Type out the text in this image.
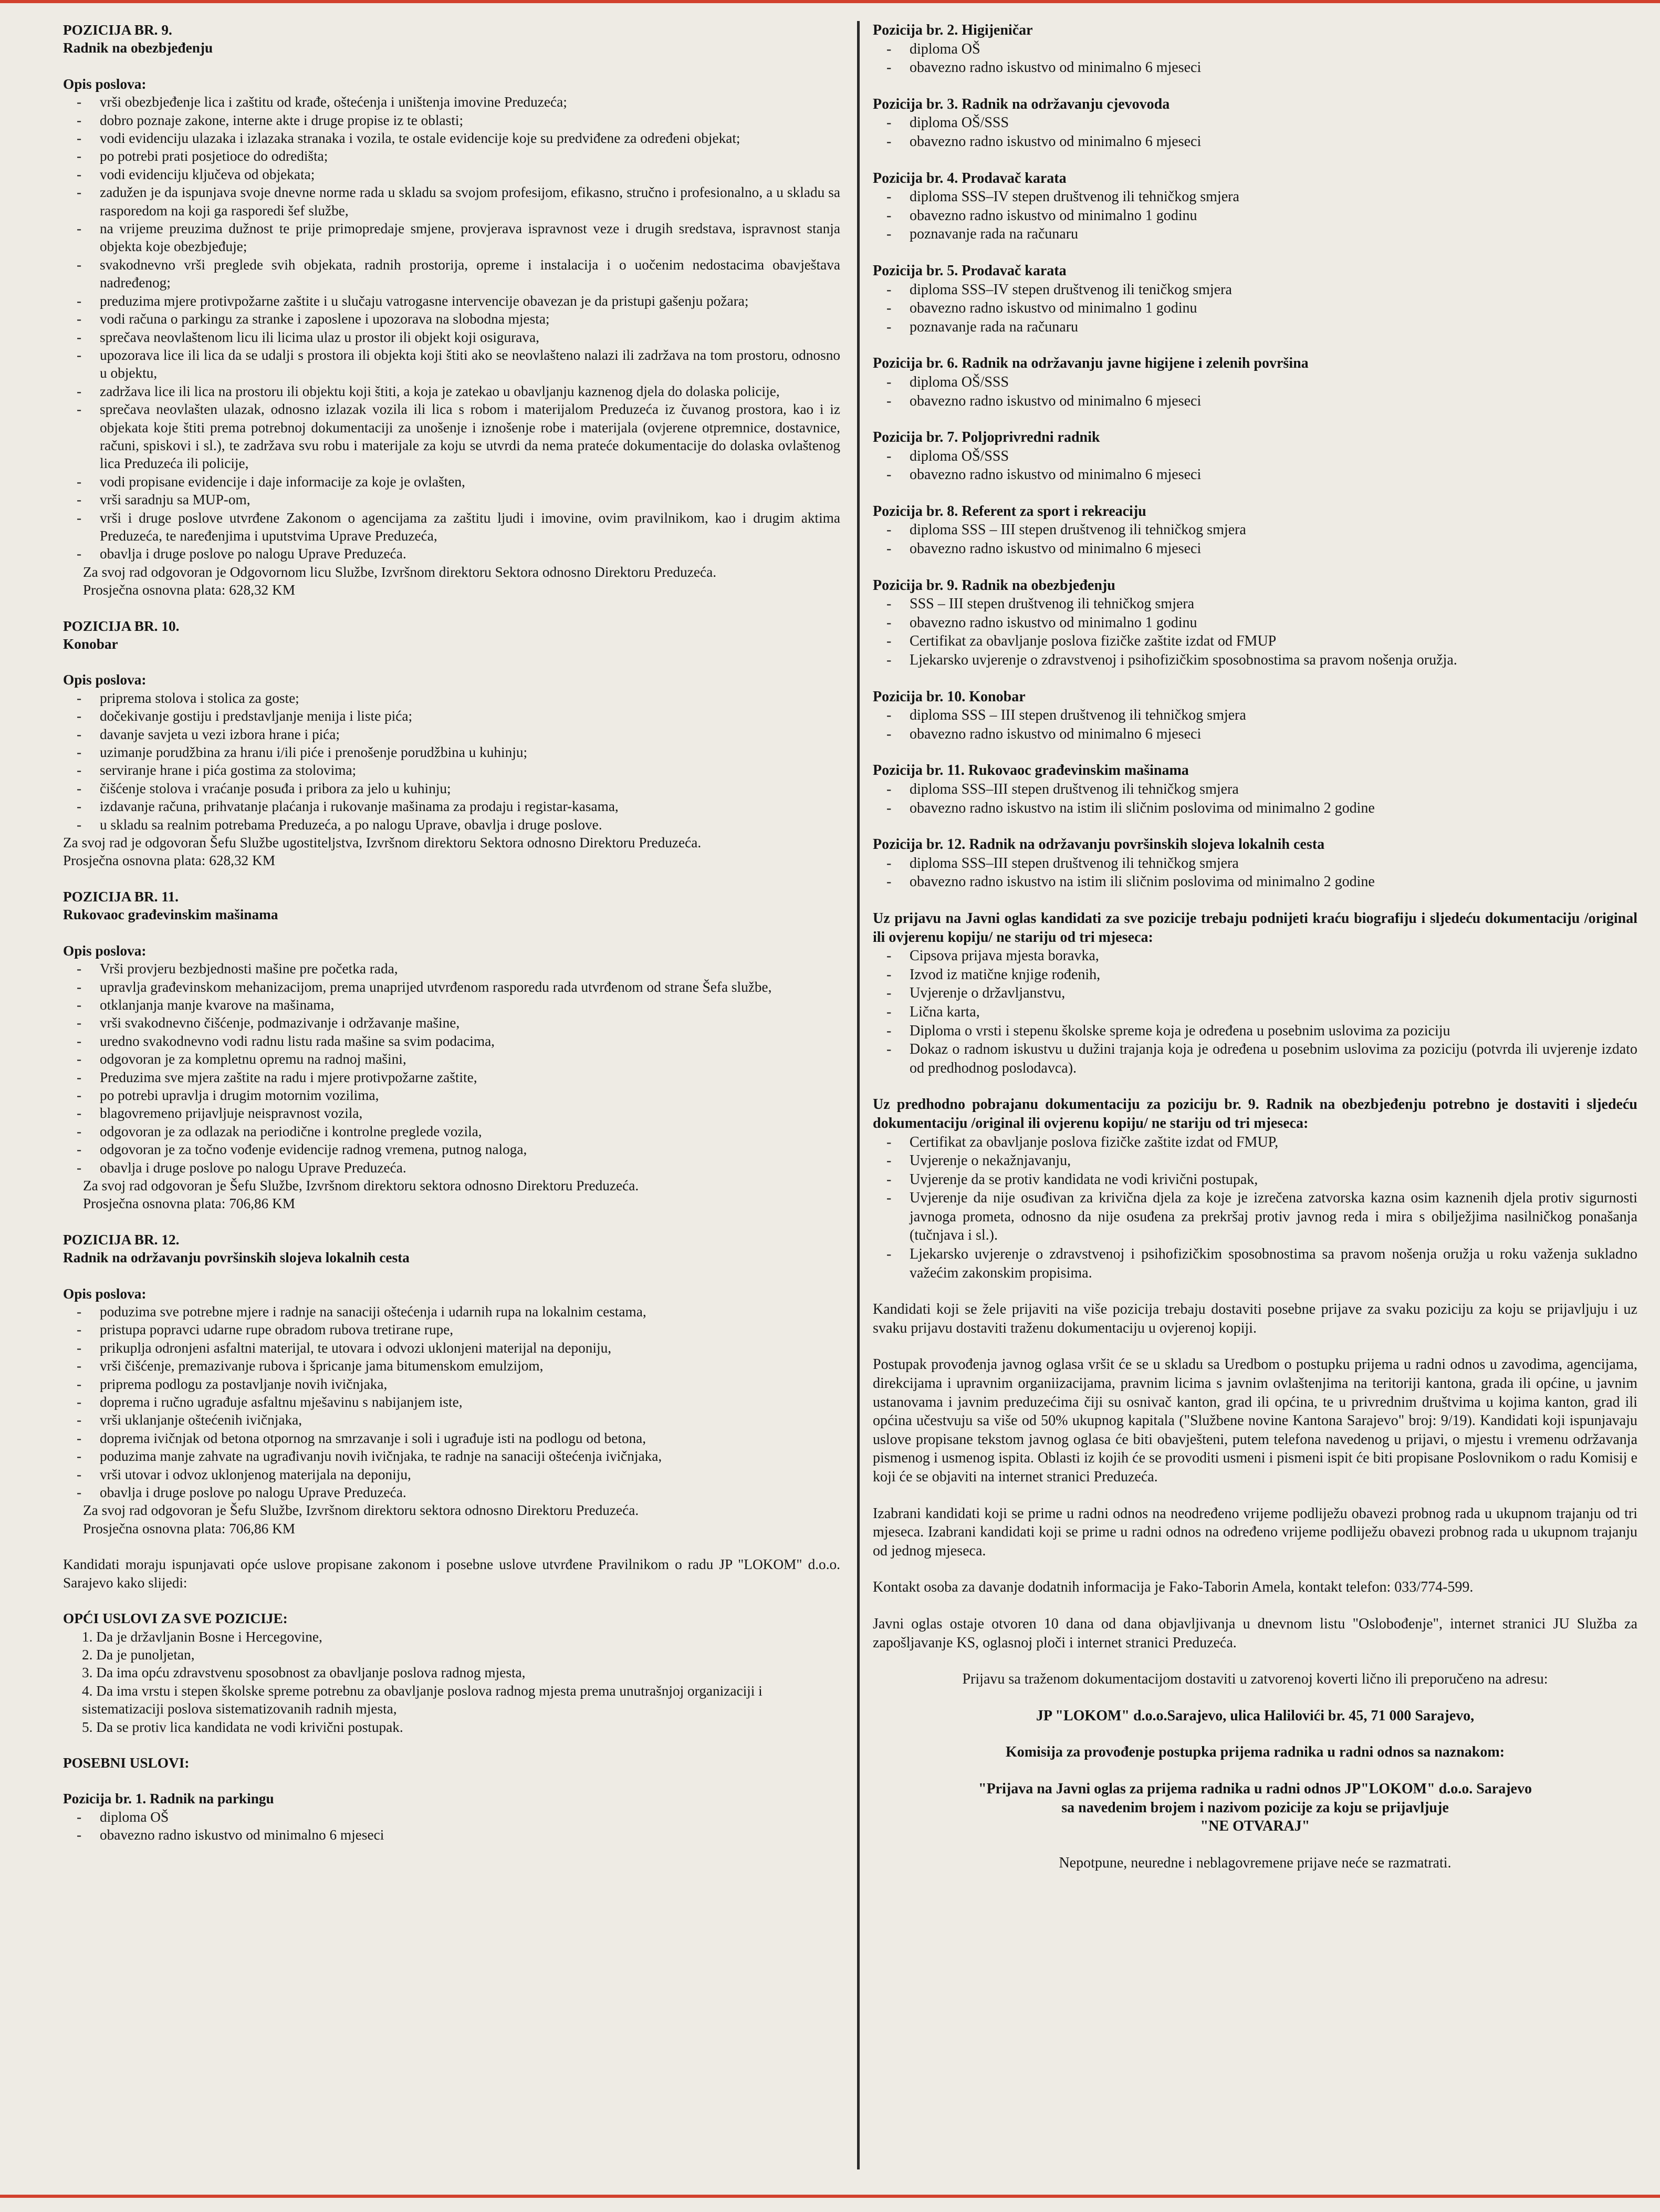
POZICIJA BR. 9.

Radnik na obezbjeđenju

Opis poslova:

- vrši obezbjeđenje lica i zaštitu od krađe, oštećenja i uništenja imovine Preduzeća;
- dobro poznaje zakone, interne akte i druge propise iz te oblasti;
- vodi evidenciju ulazaka i izlazaka stranaka i vozila, te ostale evidencije koje su predviđene za određeni objekat;
- po potrebi prati posjetioce do odredišta;
- vodi evidenciju ključeva od objekata;
- zadužen je da ispunjava svoje dnevne norme rada u skladu sa svojom profesijom, efikasno, stručno i profesionalno, a u skladu sa rasporedom na koji ga rasporedi šef službe,
- na vrijeme preuzima dužnost te prije primopredaje smjene, provjerava ispravnost veze i drugih sredstava, ispravnost stanja objekta koje obezbjeđuje;
- svakodnevno vrši preglede svih objekata, radnih prostorija, opreme i instalacija i o uočenim nedostacima obavještava nadređenog;
- preduzima mjere protivpožarne zaštite i u slučaju vatrogasne intervencije obavezan je da pristupi gašenju požara;
- vodi računa o parkingu za stranke i zaposlene i upozorava na slobodna mjesta;
- sprečava neovlaštenom licu ili licima ulaz u prostor ili objekt koji osigurava,
- upozorava lice ili lica da se udalji s prostora ili objekta koji štiti ako se neovlašteno nalazi ili zadržava na tom prostoru, odnosno u objektu,
- zadržava lice ili lica na prostoru ili objektu koji štiti, a koja je zatekao u obavljanju kaznenog djela do dolaska policije,
- sprečava neovlašten ulazak, odnosno izlazak vozila ili lica s robom i materijalom Preduzeća iz čuvanog prostora, kao i iz objekata koje štiti prema potrebnoj dokumentaciji za unošenje i iznošenje robe i materijala (ovjerene otpremnice, dostavnice, računi, spiskovi i sl.), te zadržava svu robu i materijale za koju se utvrdi da nema prateće dokumentacije do dolaska ovlaštenog lica Preduzeća ili policije,
- vodi propisane evidencije i daje informacije za koje je ovlašten,
- vrši saradnju sa MUP-om,
- vrši i druge poslove utvrđene Zakonom o agencijama za zaštitu ljudi i imovine, ovim pravilnikom, kao i drugim aktima Preduzeća, te naređenjima i uputstvima Uprave Preduzeća,
- obavlja i druge poslove po nalogu Uprave Preduzeća.

Za svoj rad odgovoran je Odgovornom licu Službe, Izvršnom direktoru Sektora odnosno Direktoru Preduzeća.

Prosječna osnovna plata: 628,32 KM

POZICIJA BR. 10.

Konobar

Opis poslova:

- priprema stolova i stolica za goste;
- dočekivanje gostiju i predstavljanje menija i liste pića;
- davanje savjeta u vezi izbora hrane i pića;
- uzimanje porudžbina za hranu i/ili piće i prenošenje porudžbina u kuhinju;
- serviranje hrane i pića gostima za stolovima;
- čišćenje stolova i vraćanje posuđa i pribora za jelo u kuhinju;
- izdavanje računa, prihvatanje plaćanja i rukovanje mašinama za prodaju i registar-kasama,
- u skladu sa realnim potrebama Preduzeća, a po nalogu Uprave, obavlja i druge poslove.

Za svoj rad je odgovoran Šefu Službe ugostiteljstva, Izvršnom direktoru Sektora odnosno Direktoru Preduzeća.

Prosječna osnovna plata: 628,32 KM

POZICIJA BR. 11.

Rukovaoc građevinskim mašinama

Opis poslova:

- Vrši provjeru bezbjednosti mašine pre početka rada,
- upravlja građevinskom mehanizacijom, prema unaprijed utvrđenom rasporedu rada utvrđenom od strane Šefa službe,
- otklanjanja manje kvarove na mašinama,
- vrši svakodnevno čišćenje, podmazivanje i održavanje mašine,
- uredno svakodnevno vodi radnu listu rada mašine sa svim podacima,
- odgovoran je za kompletnu opremu na radnoj mašini,
- Preduzima sve mjera zaštite na radu i mjere protivpožarne zaštite,
- po potrebi upravlja i drugim motornim vozilima,
- blagovremeno prijavljuje neispravnost vozila,
- odgovoran je za odlazak na periodične i kontrolne preglede vozila,
- odgovoran je za točno vođenje evidencije radnog vremena, putnog naloga,
- obavlja i druge poslove po nalogu Uprave Preduzeća.

Za svoj rad odgovoran je Šefu Službe, Izvršnom direktoru sektora odnosno Direktoru Preduzeća.

Prosječna osnovna plata: 706,86 KM

POZICIJA BR. 12.

Radnik na održavanju površinskih slojeva lokalnih cesta

Opis poslova:

- poduzima sve potrebne mjere i radnje na sanaciji oštećenja i udarnih rupa na lokalnim cestama,
- pristupa popravci udarne rupe obradom rubova tretirane rupe,
- prikuplja odronjeni asfaltni materijal, te utovara i odvozi uklonjeni materijal na deponiju,
- vrši čišćenje, premazivanje rubova i špricanje jama bitumenskom emulzijom,
- priprema podlogu za postavljanje novih ivičnjaka,
- doprema i ručno ugrađuje asfaltnu mješavinu s nabijanjem iste,
- vrši uklanjanje oštećenih ivičnjaka,
- doprema ivičnjak od betona otpornog na smrzavanje i soli i ugrađuje isti na podlogu od betona,
- poduzima manje zahvate na ugrađivanju novih ivičnjaka, te radnje na sanaciji oštećenja ivičnjaka,
- vrši utovar i odvoz uklonjenog materijala na deponiju,
- obavlja i druge poslove po nalogu Uprave Preduzeća.

Za svoj rad odgovoran je Šefu Službe, Izvršnom direktoru sektora odnosno Direktoru Preduzeća.

Prosječna osnovna plata: 706,86 KM

Kandidati moraju ispunjavati opće uslove propisane zakonom i posebne uslove utvrđene Pravilnikom o radu JP "LOKOM" d.o.o. Sarajevo kako slijedi:

OPĆI USLOVI ZA SVE POZICIJE:

1. Da je državljanin Bosne i Hercegovine,
2. Da je punoljetan,
3. Da ima opću zdravstvenu sposobnost za obavljanje poslova radnog mjesta,
4. Da ima vrstu i stepen školske spreme potrebnu za obavljanje poslova radnog mjesta prema unutrašnjoj organizaciji i sistematizaciji poslova sistematizovanih radnih mjesta,
5. Da se protiv lica kandidata ne vodi krivični postupak.

POSEBNI USLOVI:

Pozicija br. 1. Radnik na parkingu

- diploma OŠ
- obavezno radno iskustvo od minimalno 6 mjeseci

Pozicija br. 2. Higijeničar

- diploma OŠ
- obavezno radno iskustvo od minimalno 6 mjeseci

Pozicija br. 3. Radnik na održavanju cjevovoda

- diploma OŠ/SSS
- obavezno radno iskustvo od minimalno 6 mjeseci

Pozicija br. 4. Prodavač karata

- diploma SSS–IV stepen društvenog ili tehničkog smjera
- obavezno radno iskustvo od minimalno 1 godinu
- poznavanje rada na računaru

Pozicija br. 5. Prodavač karata

- diploma SSS–IV stepen društvenog ili teničkog smjera
- obavezno radno iskustvo od minimalno 1 godinu
- poznavanje rada na računaru

Pozicija br. 6. Radnik na održavanju javne higijene i zelenih površina

- diploma OŠ/SSS
- obavezno radno iskustvo od minimalno 6 mjeseci

Pozicija br. 7. Poljoprivredni radnik

- diploma OŠ/SSS
- obavezno radno iskustvo od minimalno 6 mjeseci

Pozicija br. 8. Referent za sport i rekreaciju

- diploma SSS – III stepen društvenog ili tehničkog smjera
- obavezno radno iskustvo od minimalno 6 mjeseci

Pozicija br. 9. Radnik na obezbjeđenju

- SSS – III stepen društvenog ili tehničkog smjera
- obavezno radno iskustvo od minimalno 1 godinu
- Certifikat za obavljanje poslova fizičke zaštite izdat od FMUP
- Ljekarsko uvjerenje o zdravstvenoj i psihofizičkim sposobnostima sa pravom nošenja oružja.

Pozicija br. 10. Konobar

- diploma SSS – III stepen društvenog ili tehničkog smjera
- obavezno radno iskustvo od minimalno 6 mjeseci

Pozicija br. 11. Rukovaoc građevinskim mašinama

- diploma SSS–III stepen društvenog ili tehničkog smjera
- obavezno radno iskustvo na istim ili sličnim poslovima od minimalno 2 godine

Pozicija br. 12. Radnik na održavanju površinskih slojeva lokalnih cesta

- diploma SSS–III stepen društvenog ili tehničkog smjera
- obavezno radno iskustvo na istim ili sličnim poslovima od minimalno 2 godine

Uz prijavu na Javni oglas kandidati za sve pozicije trebaju podnijeti kraću biografiju i sljedeću dokumentaciju /original ili ovjerenu kopiju/ ne stariju od tri mjeseca:

- Cipsova prijava mjesta boravka,
- Izvod iz matične knjige rođenih,
- Uvjerenje o državljanstvu,
- Lična karta,
- Diploma o vrsti i stepenu školske spreme koja je određena u posebnim uslovima za poziciju
- Dokaz o radnom iskustvu u dužini trajanja koja je određena u posebnim uslovima za poziciju (potvrda ili uvjerenje izdato od predhodnog poslodavca).

Uz predhodno pobrajanu dokumentaciju za poziciju br. 9. Radnik na obezbjeđenju potrebno je dostaviti i sljedeću dokumentaciju /original ili ovjerenu kopiju/ ne stariju od tri mjeseca:

- Certifikat za obavljanje poslova fizičke zaštite izdat od FMUP,
- Uvjerenje o nekažnjavanju,
- Uvjerenje da se protiv kandidata ne vodi krivični postupak,
- Uvjerenje da nije osuđivan za krivična djela za koje je izrečena zatvorska kazna osim kaznenih djela protiv sigurnosti javnoga prometa, odnosno da nije osuđena za prekršaj protiv javnog reda i mira s obilježjima nasilničkog ponašanja (tučnjava i sl.).
- Ljekarsko uvjerenje o zdravstvenoj i psihofizičkim sposobnostima sa pravom nošenja oružja u roku važenja sukladno važećim zakonskim propisima.

Kandidati koji se žele prijaviti na više pozicija trebaju dostaviti posebne prijave za svaku poziciju za koju se prijavljuju i uz svaku prijavu dostaviti traženu dokumentaciju u ovjerenoj kopiji.

Postupak provođenja javnog oglasa vršit će se u skladu sa Uredbom o postupku prijema u radni odnos u zavodima, agencijama, direkcijama i upravnim organiizacijama, pravnim licima s javnim ovlaštenjima na teritoriji kantona, grada ili općine, u javnim ustanovama i javnim preduzećima čiji su osnivač kanton, grad ili općina, te u privrednim društvima u kojima kanton, grad ili općina učestvuju sa više od 50% ukupnog kapitala ("Službene novine Kantona Sarajevo" broj: 9/19). Kandidati koji ispunjavaju uslove propisane tekstom javnog oglasa će biti obavješteni, putem telefona navedenog u prijavi, o mjestu i vremenu održavanja pismenog i usmenog ispita. Oblasti iz kojih će se provoditi usmeni i pismeni ispit će biti propisane Poslovnikom o radu Komisij e koji će se objaviti na internet stranici Preduzeća.

Izabrani kandidati koji se prime u radni odnos na neodređeno vrijeme podliježu obavezi probnog rada u ukupnom trajanju od tri mjeseca. Izabrani kandidati koji se prime u radni odnos na određeno vrijeme podliježu obavezi probnog rada u ukupnom trajanju od jednog mjeseca.

Kontakt osoba za davanje dodatnih informacija je Fako-Taborin Amela, kontakt telefon: 033/774-599.

Javni oglas ostaje otvoren 10 dana od dana objavljivanja u dnevnom listu "Oslobođenje", internet stranici JU Služba za zapošljavanje KS, oglasnoj ploči i internet stranici Preduzeća.

Prijavu sa traženom dokumentacijom dostaviti u zatvorenoj koverti lično ili preporučeno na adresu:

JP "LOKOM" d.o.o.Sarajevo, ulica Halilovići br. 45, 71 000 Sarajevo,

Komisija za provođenje postupka prijema radnika u radni odnos sa naznakom:

"Prijava na Javni oglas za prijema radnika u radni odnos JP"LOKOM" d.o.o. Sarajevo

sa navedenim brojem i nazivom pozicije za koju se prijavljuje

"NE OTVARAJ"

Nepotpune, neuredne i neblagovremene prijave neće se razmatrati.
